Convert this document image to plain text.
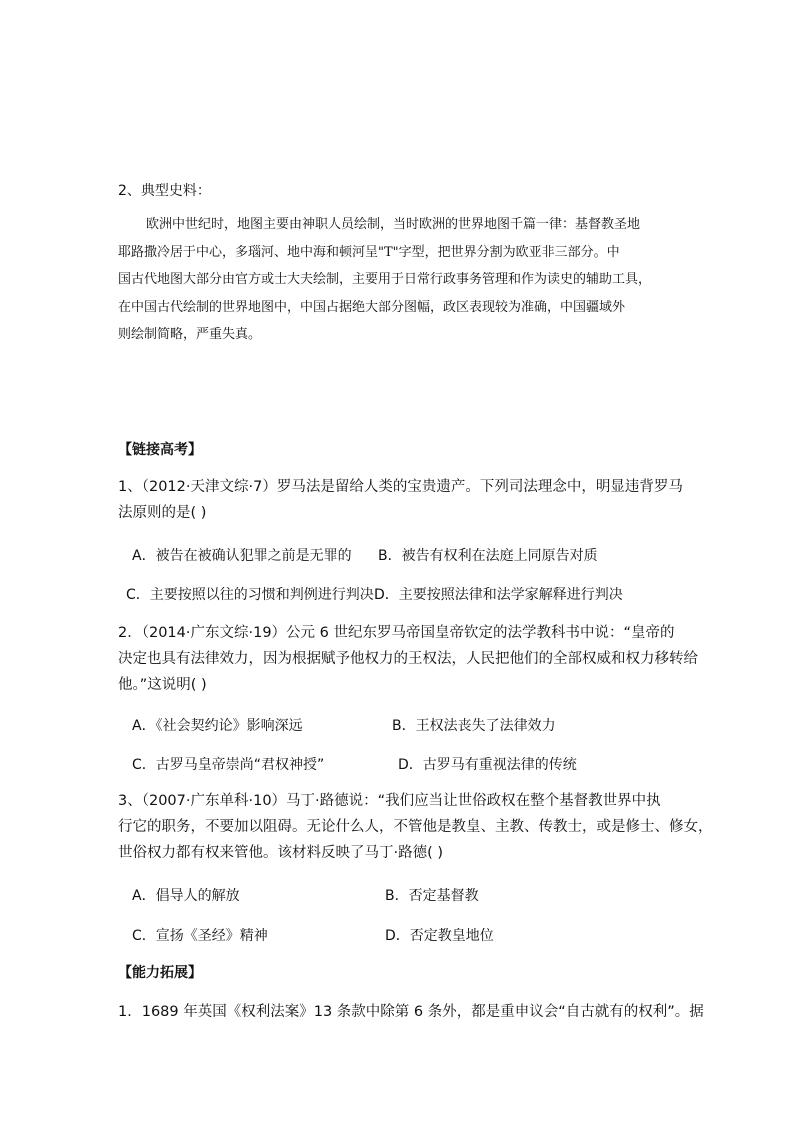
2、典型史料：
欧洲中世纪时，地图主要由神职人员绘制，当时欧洲的世界地图千篇一律：基督教圣地
耶路撒冷居于中心，多瑙河、地中海和顿河呈"T"字型，把世界分割为欧亚非三部分。中
国古代地图大部分由官方或士大夫绘制，主要用于日常行政事务管理和作为读史的辅助工具，
在中国古代绘制的世界地图中，中国占据绝大部分图幅，政区表现较为准确，中国疆域外
则绘制简略，严重失真。
【链接高考】
1、（2012·天津文综·7）罗马法是留给人类的宝贵遗产。下列司法理念中，明显违背罗马
法原则的是( )
A．被告在被确认犯罪之前是无罪的 B．被告有权利在法庭上同原告对质
C．主要按照以往的习惯和判例进行判决 D．主要按照法律和法学家解释进行判决
2．（2014·广东文综·19）公元 6 世纪东罗马帝国皇帝钦定的法学教科书中说：“皇帝的
决定也具有法律效力，因为根据赋予他权力的王权法，人民把他们的全部权威和权力移转给
他。”这说明( )
A．《社会契约论》影响深远	B．王权法丧失了法律效力
C．古罗马皇帝崇尚“君权神授”	D．古罗马有重视法律的传统
3、（2007·广东单科·10）马丁·路德说：“我们应当让世俗政权在整个基督教世界中执
行它的职务，不要加以阻碍。无论什么人，不管他是教皇、主教、传教士，或是修士、修女，
世俗权力都有权来管他。该材料反映了马丁·路德( )
A．倡导人的解放	B．否定基督教
C．宣扬《圣经》精神	D．否定教皇地位
【能力拓展】
1．1689 年英国《权利法案》13 条款中除第 6 条外，都是重申议会“自古就有的权利”。据
